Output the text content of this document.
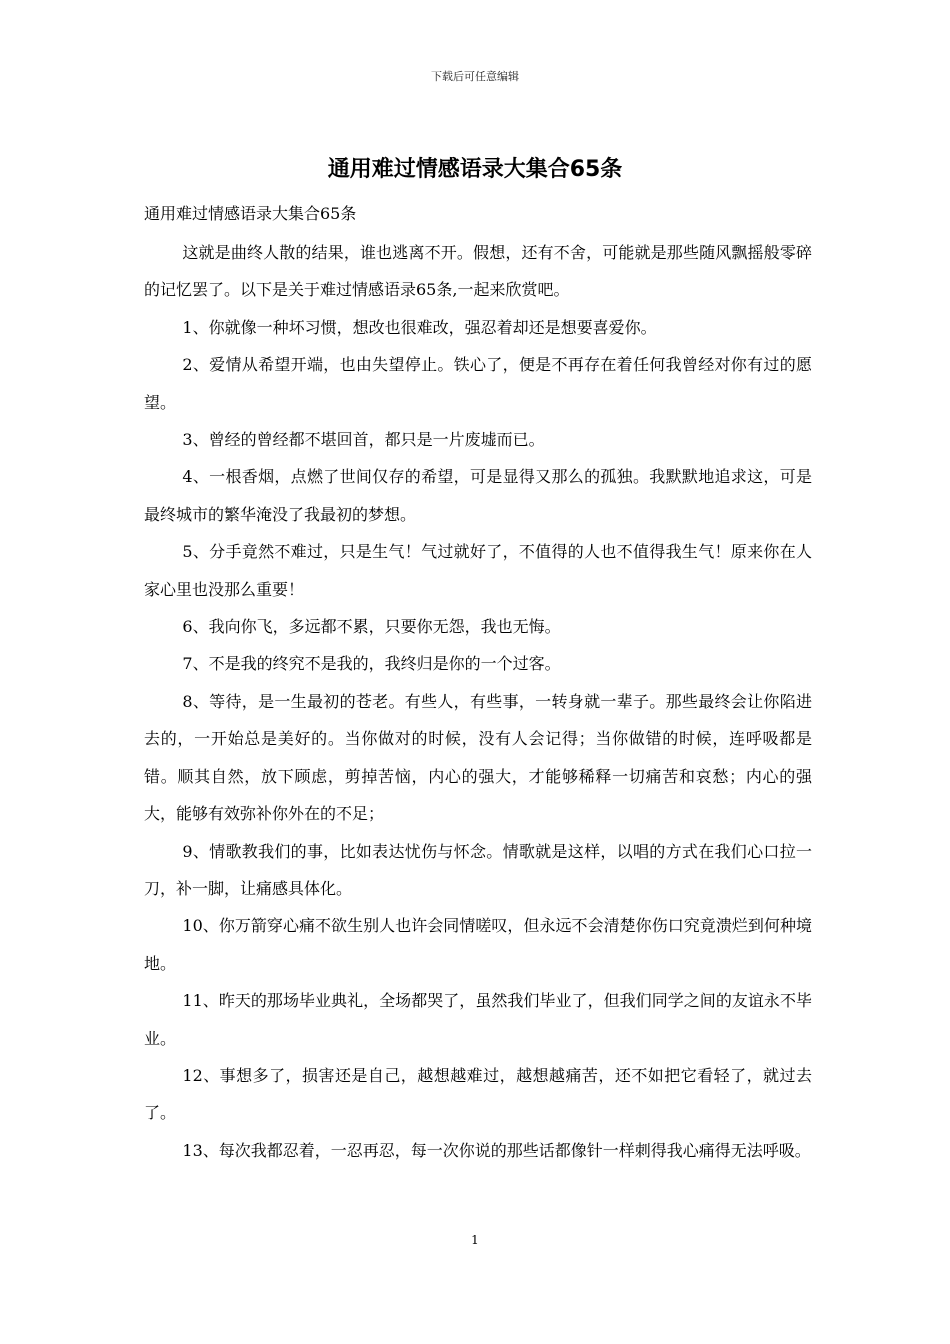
下载后可任意编辑
通用难过情感语录大集合65条
通用难过情感语录大集合65条

这就是曲终人散的结果，谁也逃离不开。假想，还有不舍，可能就是那些随风飘摇般零碎的记忆罢了。以下是关于难过情感语录65条,一起来欣赏吧。

1、你就像一种坏习惯，想改也很难改，强忍着却还是想要喜爱你。

2、爱情从希望开端，也由失望停止。铁心了，便是不再存在着任何我曾经对你有过的愿望。

3、曾经的曾经都不堪回首，都只是一片废墟而已。

4、一根香烟，点燃了世间仅存的希望，可是显得又那么的孤独。我默默地追求这，可是最终城市的繁华淹没了我最初的梦想。

5、分手竟然不难过，只是生气！气过就好了，不值得的人也不值得我生气！原来你在人家心里也没那么重要！

6、我向你飞，多远都不累，只要你无怨，我也无悔。

7、不是我的终究不是我的，我终归是你的一个过客。

8、等待，是一生最初的苍老。有些人，有些事，一转身就一辈子。那些最终会让你陷进去的，一开始总是美好的。当你做对的时候，没有人会记得；当你做错的时候，连呼吸都是错。顺其自然，放下顾虑，剪掉苦恼，内心的强大，才能够稀释一切痛苦和哀愁；内心的强大，能够有效弥补你外在的不足；

9、情歌教我们的事，比如表达忧伤与怀念。情歌就是这样，以唱的方式在我们心口拉一刀，补一脚，让痛感具体化。

10、你万箭穿心痛不欲生别人也许会同情嗟叹，但永远不会清楚你伤口究竟溃烂到何种境地。

11、昨天的那场毕业典礼，全场都哭了，虽然我们毕业了，但我们同学之间的友谊永不毕业。

12、事想多了，损害还是自己，越想越难过，越想越痛苦，还不如把它看轻了，就过去了。

13、每次我都忍着，一忍再忍，每一次你说的那些话都像针一样刺得我心痛得无法呼吸。

1
